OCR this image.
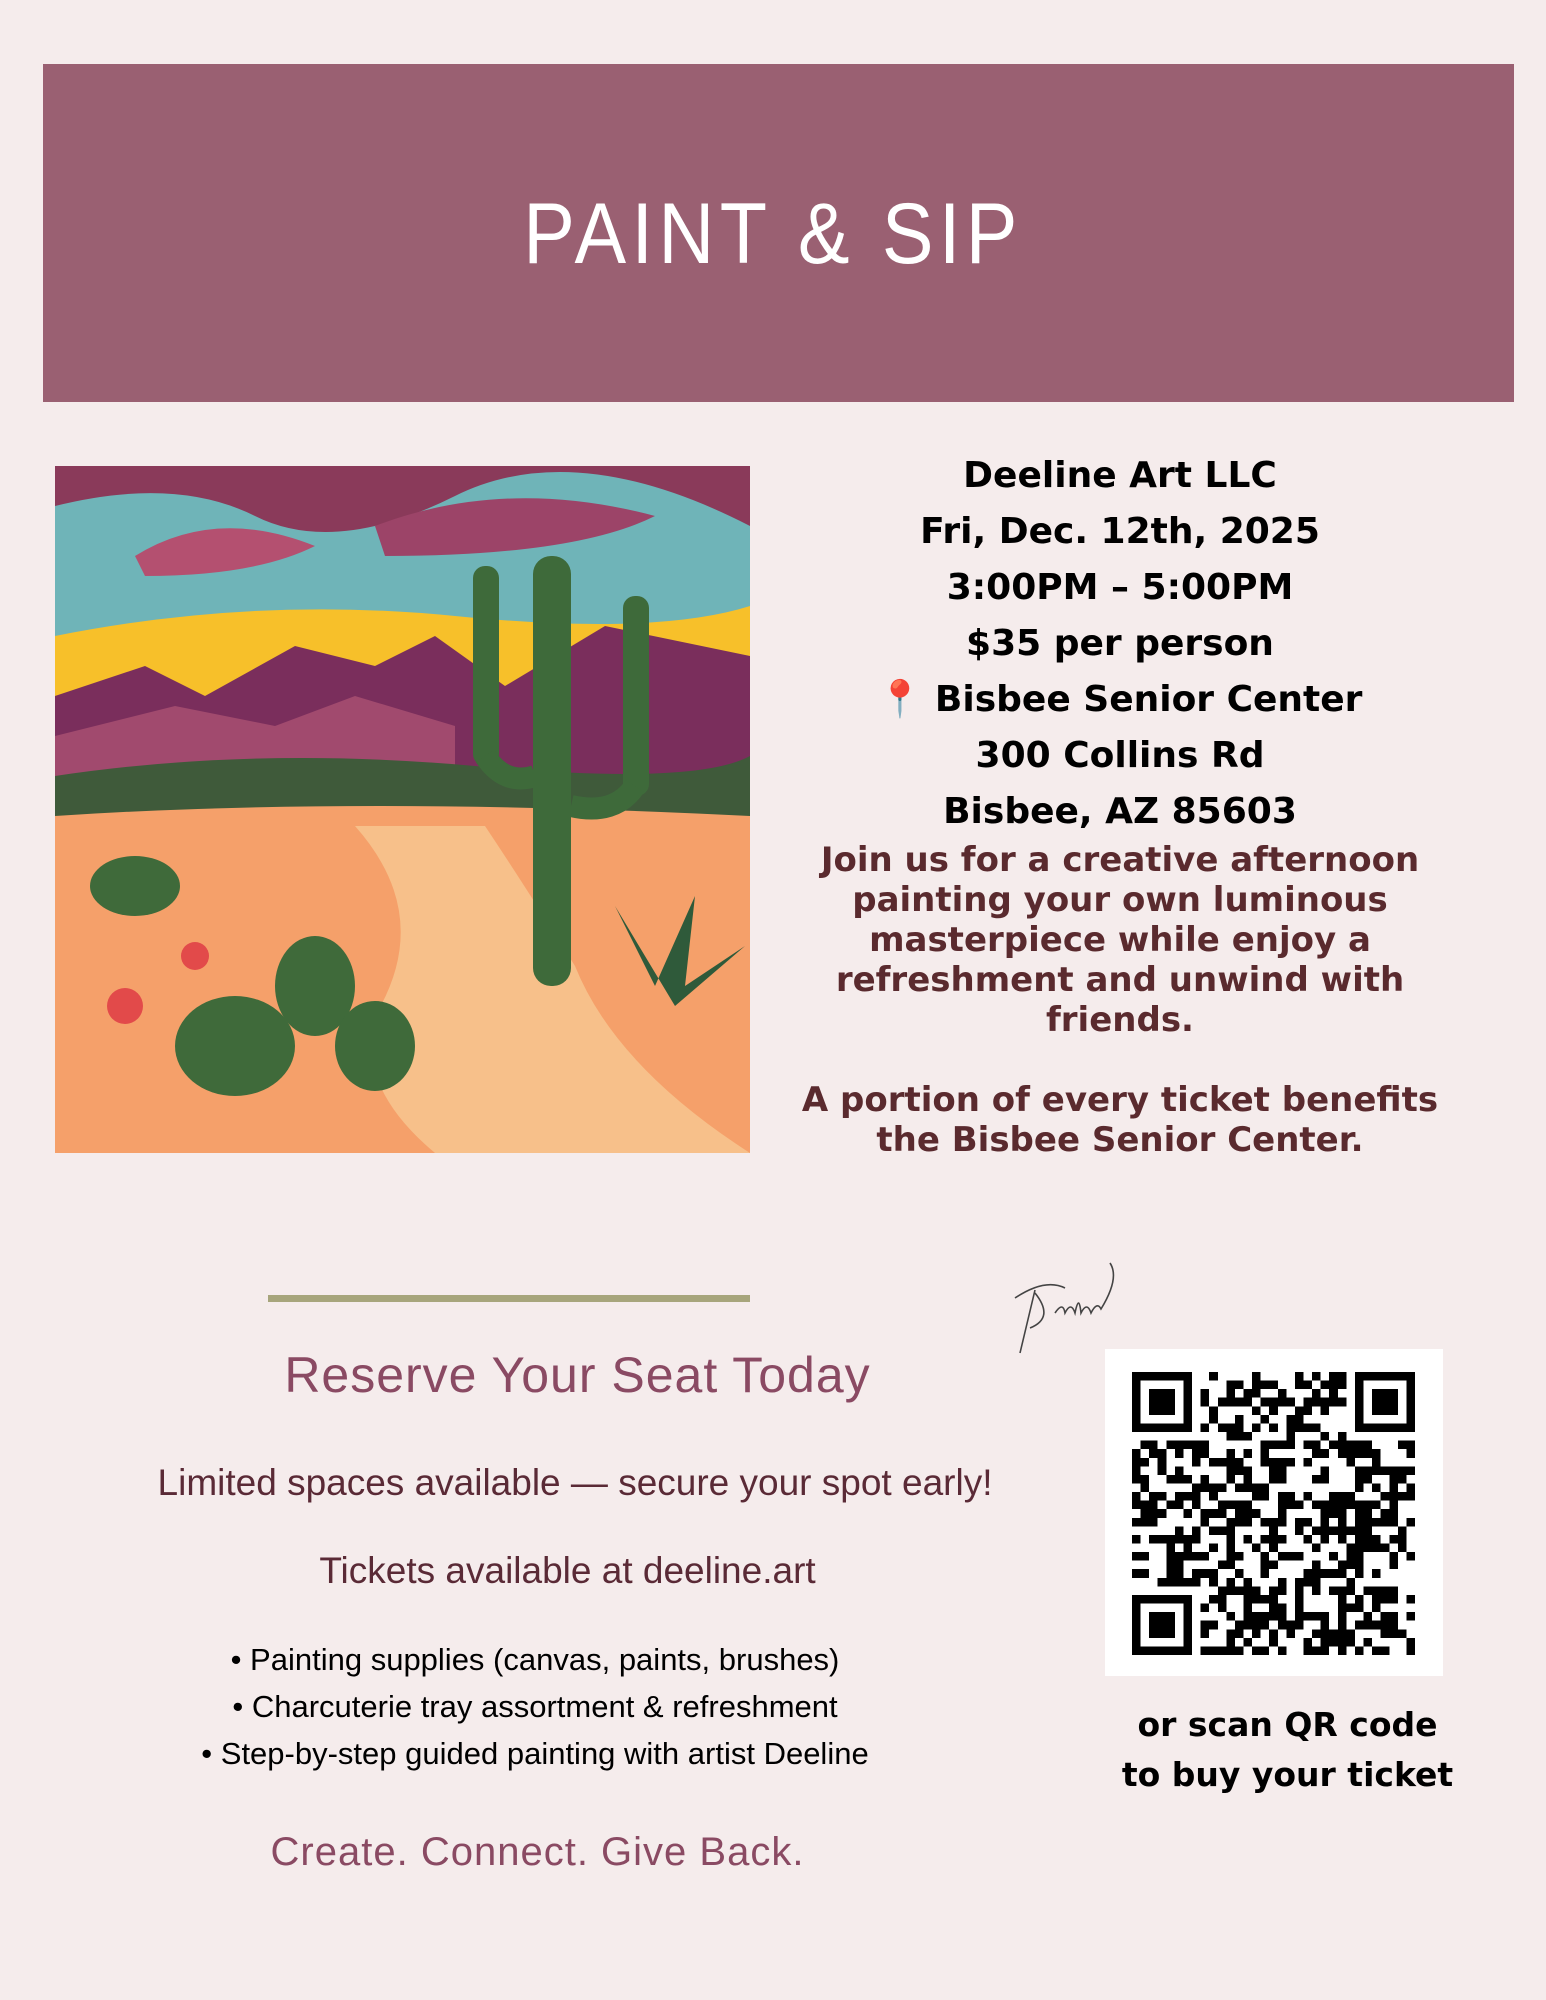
PAINT & SIP
Deeline Art LLC
Fri, Dec. 12th, 2025
3:00PM – 5:00PM
$35 per person
📍 Bisbee Senior Center
300 Collins Rd
Bisbee, AZ 85603
Join us for a creative afternoon painting your own luminous masterpiece while enjoy a refreshment and unwind with friends.
A portion of every ticket benefits the Bisbee Senior Center.
Reserve Your Seat Today
Limited spaces available — secure your spot early!
Tickets available at deeline.art
• Painting supplies (canvas, paints, brushes)
• Charcuterie tray assortment & refreshment
• Step-by-step guided painting with artist Deeline
Create. Connect. Give Back.
or scan QR code
to buy your ticket
